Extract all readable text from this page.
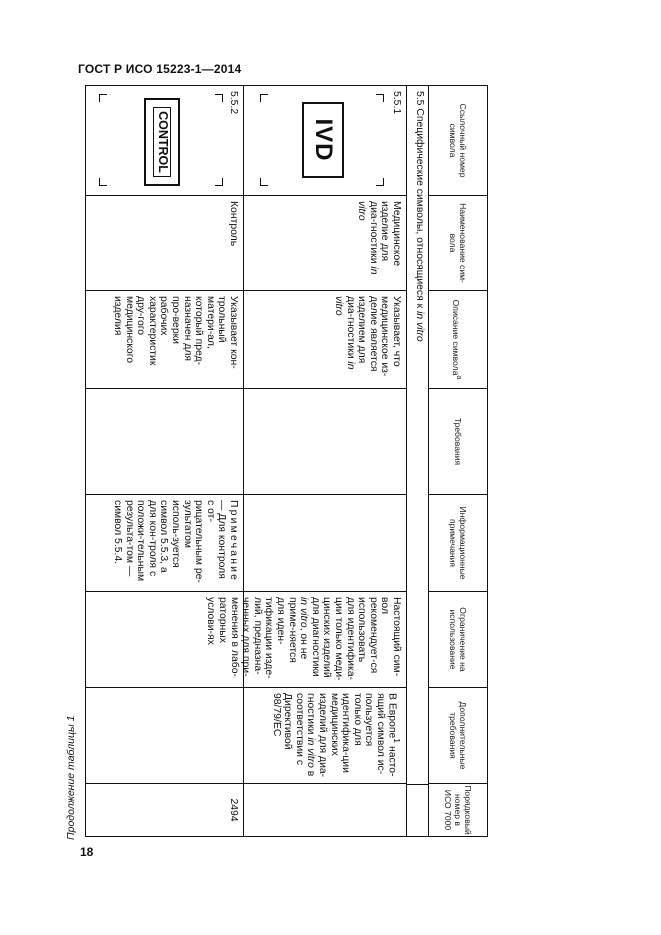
ГОСТ Р ИСО 15223-1—2014
Продолжение таблицы 1
18
Ссылочный номер символа
Наименование сим-вола
Описание символа$^а$
Требования
Информационные примечания
Ограничение на использование
Дополнительные требования
Порядковый номер в ИСО 7000
5.5 Специфические символы, относящиеся к in vitro
5.5.1
IVD
Медицинское изделие для диа-гностики in vitro
Указывает, что медицинское из-делие является изделием для диа-гностики in vitro
Настоящий сим-вол рекомендует-ся использовать для идентифика-ции только меди-цинских изделий для диагностики in vitro, он не приме-няется для иден-тификации изде-лий, предназна-ченных для при-менения в лабо-раторных услови-ях
В Европе$^1$ насто-ящий символ ис-пользуется только для идентифика-ции медицинских изделий для диа-гностики in vitro в соответствии с Директивой 98/79/ЕС
5.5.2
CONTROL
Контроль
Указывает кон-трольный матери-ал, который пред-назначен для про-верки рабочих характеристик дру-гого медицинского изделия
Примечание — Для контроля с от-рицательным ре-зультатом исполь-зуется символ 5.5.3, а для кон-троля с положи-тельным результа-том — символ 5.5.4.
2494
